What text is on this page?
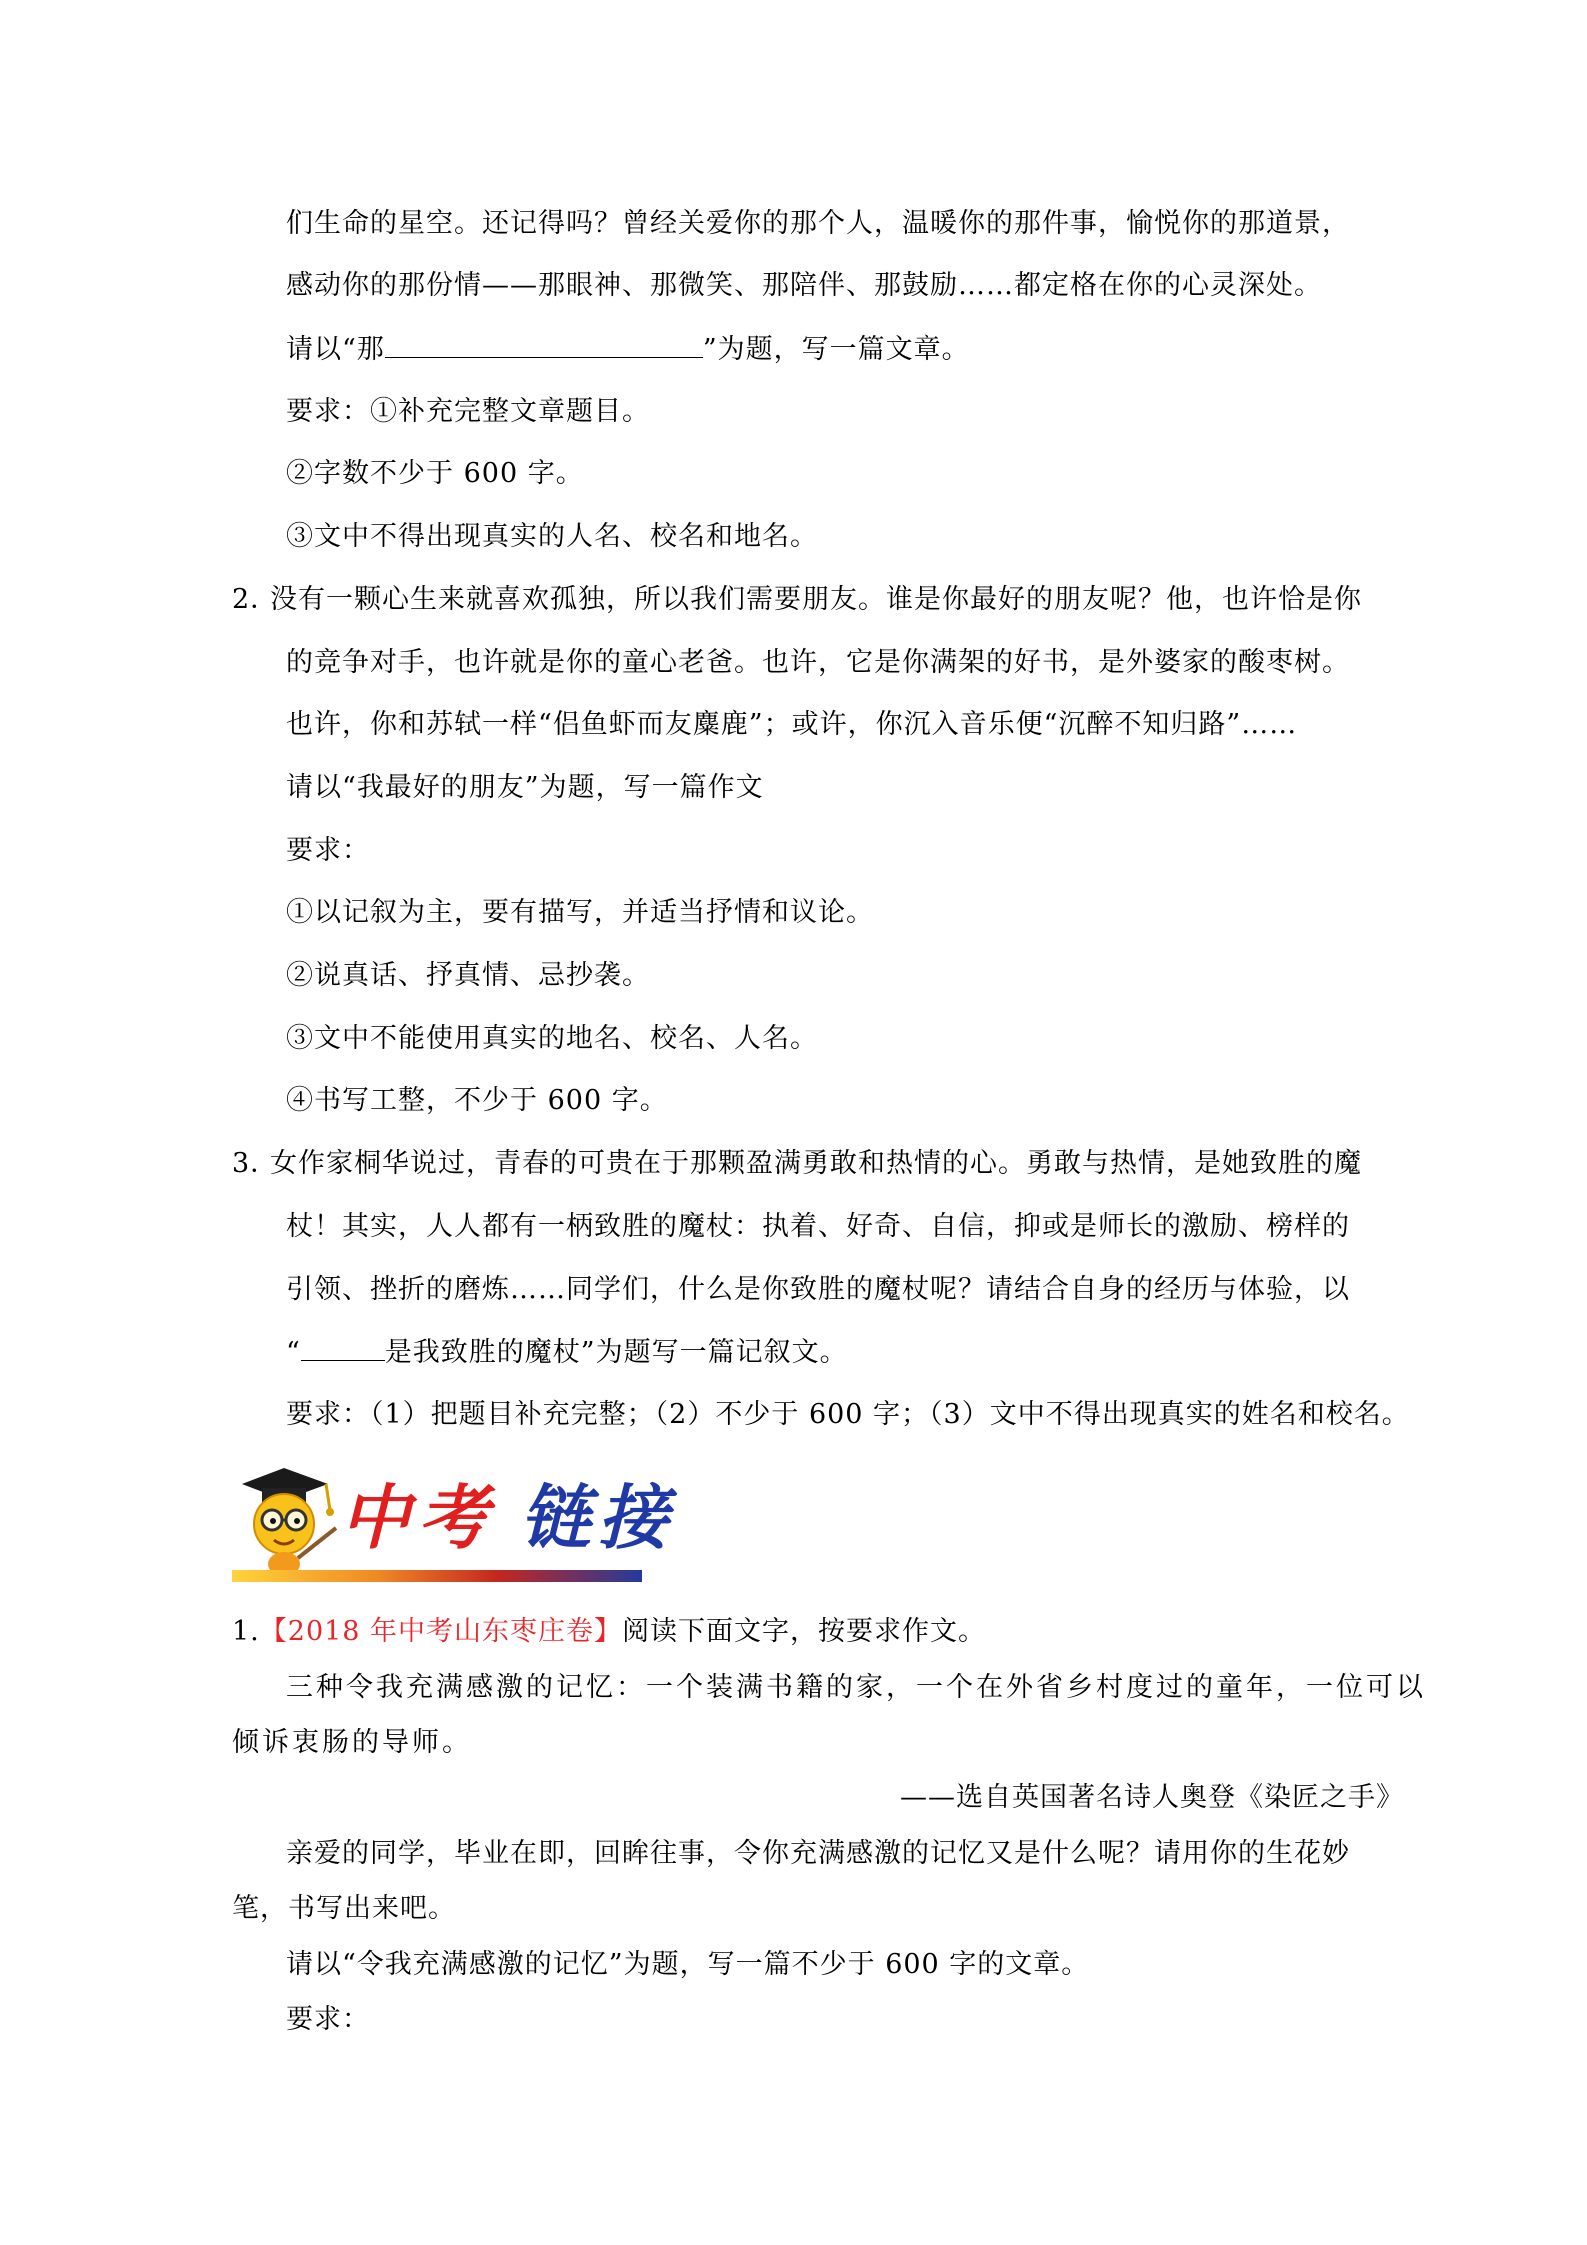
们生命的星空。还记得吗？曾经关爱你的那个人，温暖你的那件事，愉悦你的那道景，
感动你的那份情——那眼神、那微笑、那陪伴、那鼓励……都定格在你的心灵深处。
请以“那	”为题，写一篇文章。
要求：①补充完整文章题目。
②字数不少于 600 字。
③文中不得出现真实的人名、校名和地名。
2．没有一颗心生来就喜欢孤独，所以我们需要朋友。谁是你最好的朋友呢？他，也许恰是你
的竞争对手，也许就是你的童心老爸。也许，它是你满架的好书，是外婆家的酸枣树。
也许，你和苏轼一样“侣鱼虾而友麋鹿”；或许，你沉入音乐便“沉醉不知归路”……
请以“我最好的朋友”为题，写一篇作文
要求：
①以记叙为主，要有描写，并适当抒情和议论。
②说真话、抒真情、忌抄袭。
③文中不能使用真实的地名、校名、人名。
④书写工整，不少于 600 字。
3．女作家桐华说过，青春的可贵在于那颗盈满勇敢和热情的心。勇敢与热情，是她致胜的魔
杖！其实，人人都有一柄致胜的魔杖：执着、好奇、自信，抑或是师长的激励、榜样的
引领、挫折的磨炼……同学们，什么是你致胜的魔杖呢？请结合自身的经历与体验，以
“	是我致胜的魔杖”为题写一篇记叙文。
要求：（1）把题目补充完整；（2）不少于 600 字；（3）文中不得出现真实的姓名和校名。
中考 链接
1.【2018 年中考山东枣庄卷】阅读下面文字，按要求作文。
三种令我充满感激的记忆：一个装满书籍的家，一个在外省乡村度过的童年，一位可以
倾诉衷肠的导师。
——选自英国著名诗人奥登《染匠之手》
亲爱的同学，毕业在即，回眸往事，令你充满感激的记忆又是什么呢？请用你的生花妙
笔，书写出来吧。
请以“令我充满感激的记忆”为题，写一篇不少于 600 字的文章。
要求：
